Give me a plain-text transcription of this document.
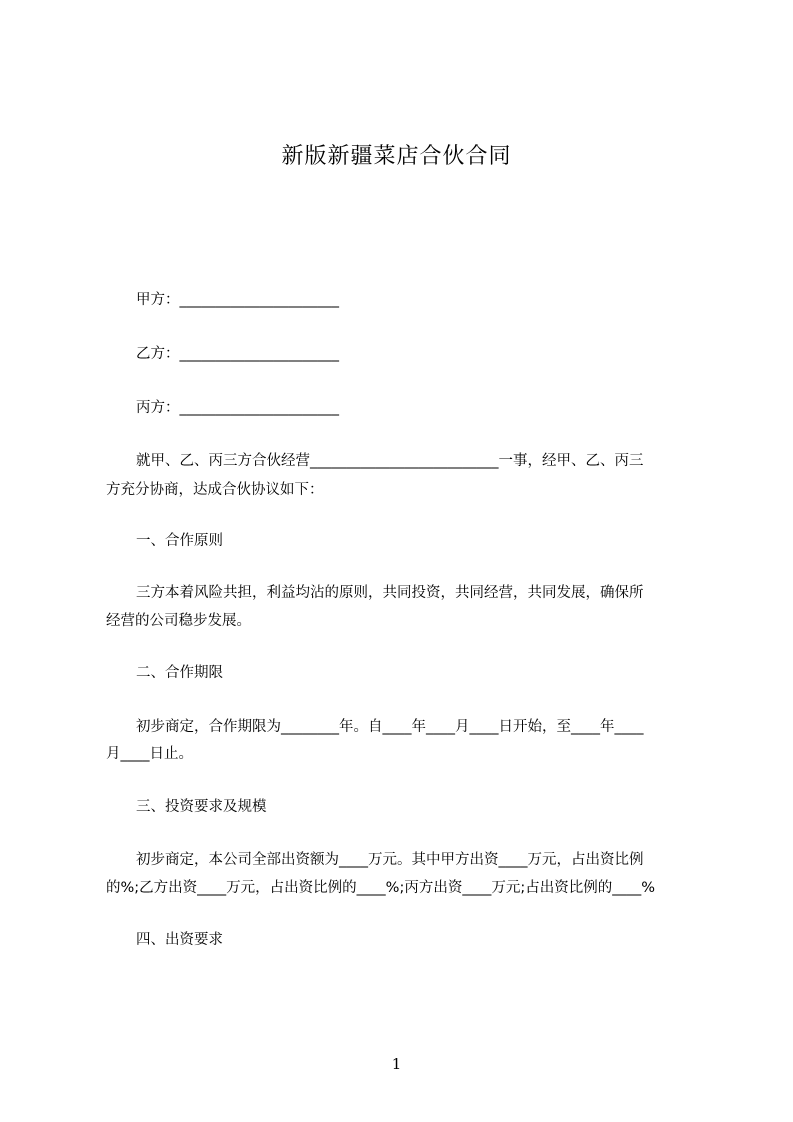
新版新疆菜店合伙合同
甲方：______________________
乙方：______________________
丙方：______________________
就甲、乙、丙三方合伙经营__________________________一事，经甲、乙、丙三
方充分协商，达成合伙协议如下：
一、合作原则
三方本着风险共担，利益均沾的原则，共同投资，共同经营，共同发展，确保所
经营的公司稳步发展。
二、合作期限
初步商定，合作期限为________年。自____年____月____日开始，至____年____
月____日止。
三、投资要求及规模
初步商定，本公司全部出资额为____万元。其中甲方出资____万元，占出资比例
的%;乙方出资____万元，占出资比例的____%;丙方出资____万元;占出资比例的____%
四、出资要求
1
